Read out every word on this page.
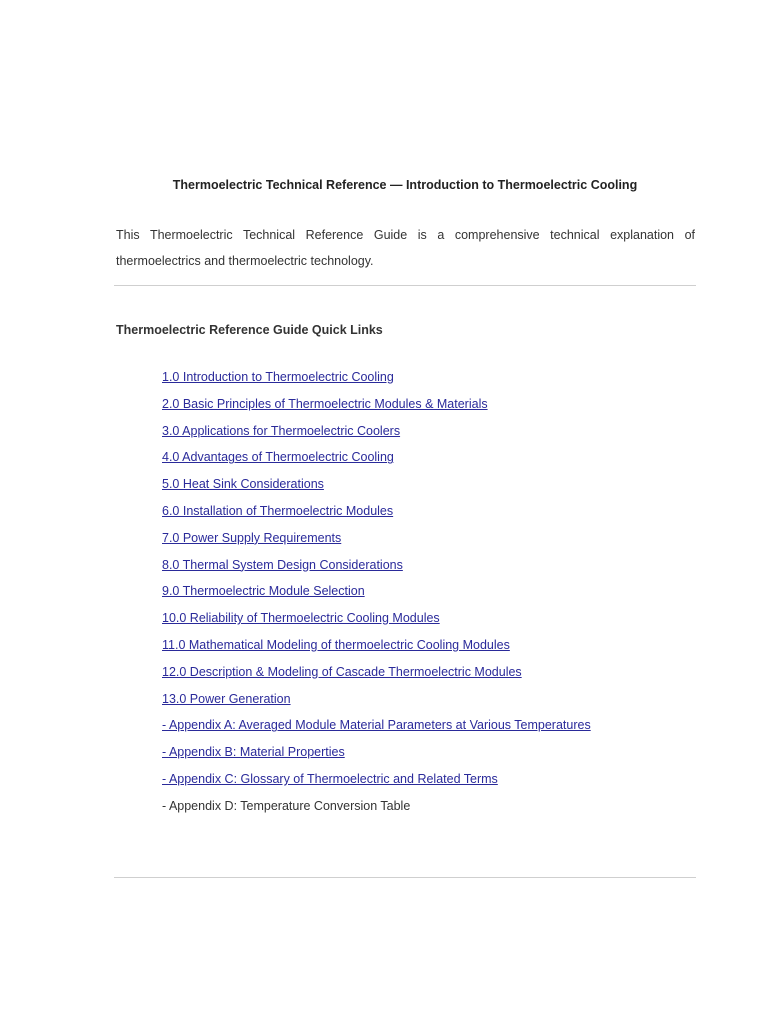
Thermoelectric Technical Reference — Introduction to Thermoelectric Cooling
This Thermoelectric Technical Reference Guide is a comprehensive technical explanation of thermoelectrics and thermoelectric technology.
Thermoelectric Reference Guide Quick Links
1.0 Introduction to Thermoelectric Cooling
2.0 Basic Principles of Thermoelectric Modules & Materials
3.0 Applications for Thermoelectric Coolers
4.0 Advantages of Thermoelectric Cooling
5.0 Heat Sink Considerations
6.0 Installation of Thermoelectric Modules
7.0 Power Supply Requirements
8.0 Thermal System Design Considerations
9.0 Thermoelectric Module Selection
10.0 Reliability of Thermoelectric Cooling Modules
11.0 Mathematical Modeling of thermoelectric Cooling Modules
12.0 Description & Modeling of Cascade Thermoelectric Modules
13.0 Power Generation
- Appendix A: Averaged Module Material Parameters at Various Temperatures
- Appendix B: Material Properties
- Appendix C: Glossary of Thermoelectric and Related Terms
- Appendix D: Temperature Conversion Table
